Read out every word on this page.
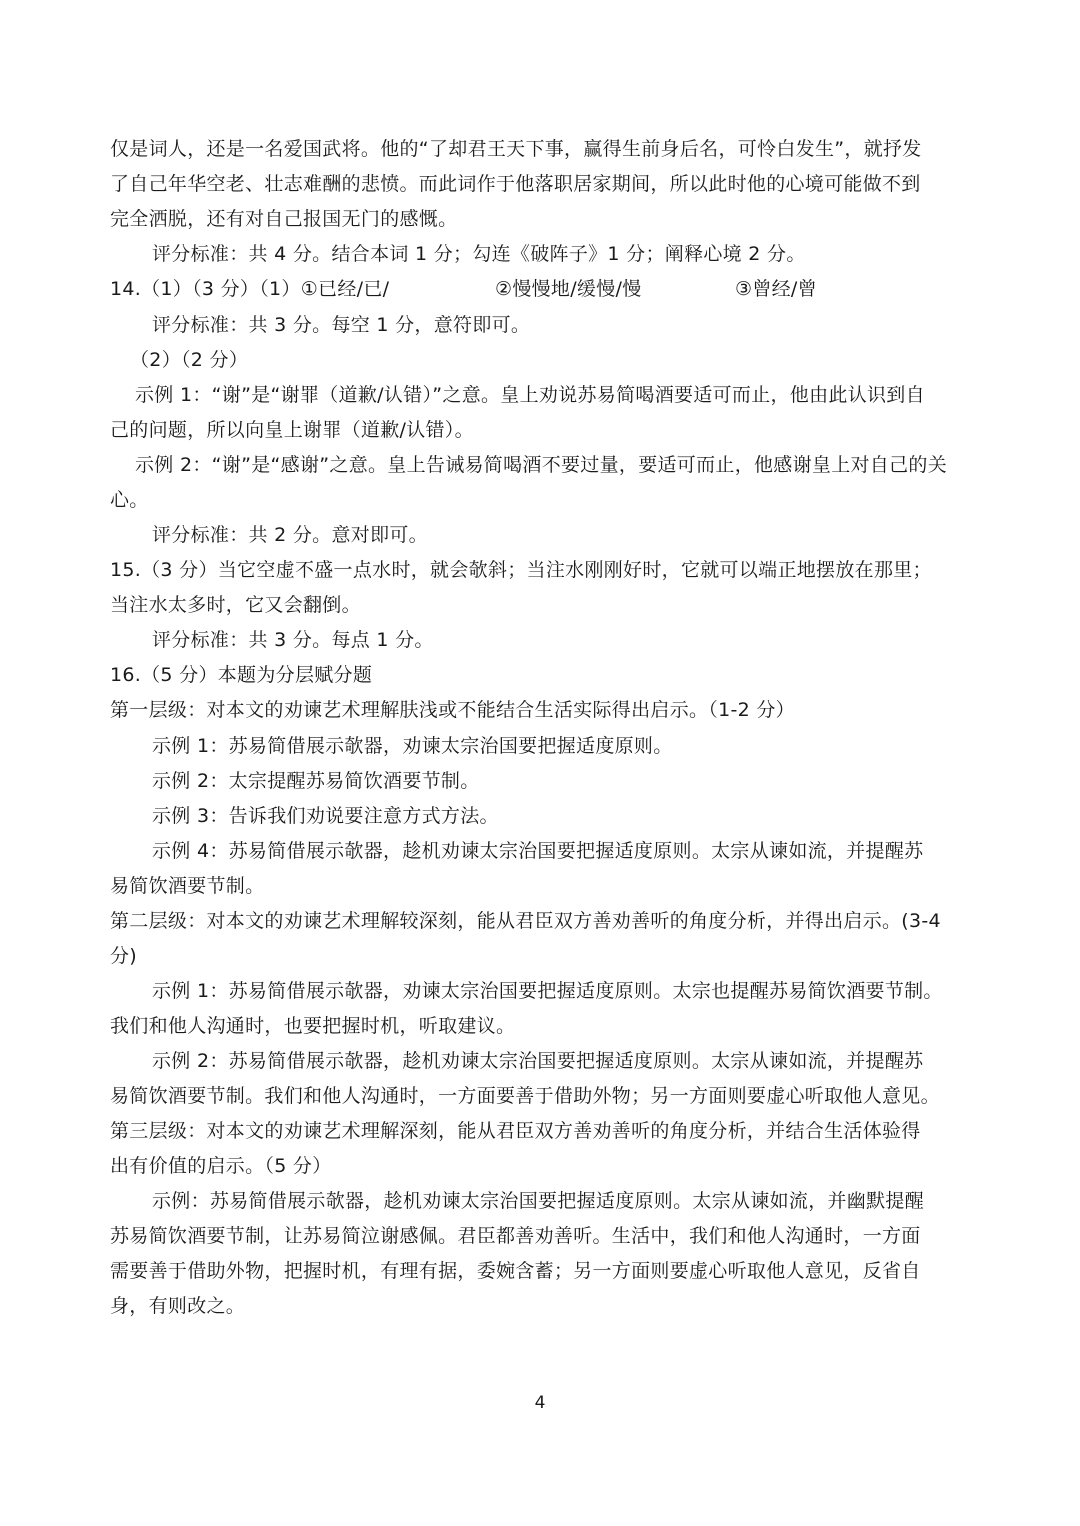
仅是词人，还是一名爱国武将。他的“了却君王天下事，赢得生前身后名，可怜白发生”，就抒发
了自己年华空老、壮志难酬的悲愤。而此词作于他落职居家期间，所以此时他的心境可能做不到
完全洒脱，还有对自己报国无门的感慨。
评分标准：共 4 分。结合本词 1 分；勾连《破阵子》1 分；阐释心境 2 分。
14.（1）（3 分）（1）①已经/已/	②慢慢地/缓慢/慢	③曾经/曾
评分标准：共 3 分。每空 1 分，意符即可。
（2）（2 分）
示例 1：“谢”是“谢罪（道歉/认错）”之意。皇上劝说苏易简喝酒要适可而止，他由此认识到自
己的问题，所以向皇上谢罪（道歉/认错）。
示例 2：“谢”是“感谢”之意。皇上告诫易简喝酒不要过量，要适可而止，他感谢皇上对自己的关
心。
评分标准：共 2 分。意对即可。
15.（3 分）当它空虚不盛一点水时，就会欹斜；当注水刚刚好时，它就可以端正地摆放在那里；
当注水太多时，它又会翻倒。
评分标准：共 3 分。每点 1 分。
16.（5 分）本题为分层赋分题
第一层级：对本文的劝谏艺术理解肤浅或不能结合生活实际得出启示。（1-2 分）
示例 1：苏易简借展示欹器，劝谏太宗治国要把握适度原则。
示例 2：太宗提醒苏易简饮酒要节制。
示例 3：告诉我们劝说要注意方式方法。
示例 4：苏易简借展示欹器，趁机劝谏太宗治国要把握适度原则。太宗从谏如流，并提醒苏
易简饮酒要节制。
第二层级：对本文的劝谏艺术理解较深刻，能从君臣双方善劝善听的角度分析，并得出启示。(3-4
分)
示例 1：苏易简借展示欹器，劝谏太宗治国要把握适度原则。太宗也提醒苏易简饮酒要节制。
我们和他人沟通时，也要把握时机，听取建议。
示例 2：苏易简借展示欹器，趁机劝谏太宗治国要把握适度原则。太宗从谏如流，并提醒苏
易简饮酒要节制。我们和他人沟通时，一方面要善于借助外物；另一方面则要虚心听取他人意见。
第三层级：对本文的劝谏艺术理解深刻，能从君臣双方善劝善听的角度分析，并结合生活体验得
出有价值的启示。（5 分）
示例：苏易简借展示欹器，趁机劝谏太宗治国要把握适度原则。太宗从谏如流，并幽默提醒
苏易简饮酒要节制，让苏易简泣谢感佩。君臣都善劝善听。生活中，我们和他人沟通时，一方面
需要善于借助外物，把握时机，有理有据，委婉含蓄；另一方面则要虚心听取他人意见，反省自
身，有则改之。
4
